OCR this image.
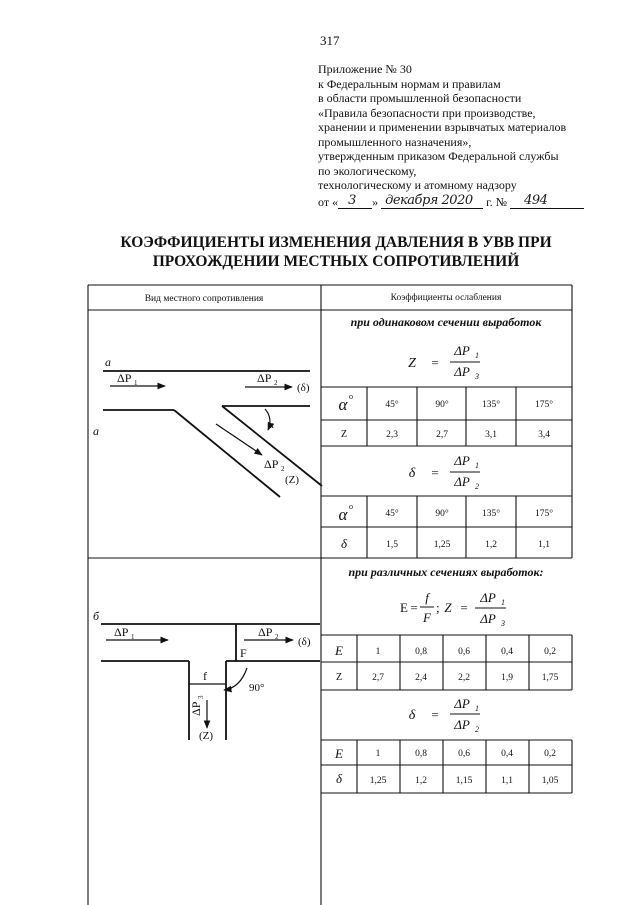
317
Приложение № 30
к Федеральным нормам и правилам
в области промышленной безопасности
«Правила безопасности при производстве,
хранении и применении взрывчатых материалов
промышленного назначения»,
утвержденным приказом Федеральной службы
по экологическому,
технологическому и атомному надзору
от « 3 » декабря 2020 г. № 494
КОЭФФИЦИЕНТЫ ИЗМЕНЕНИЯ ДАВЛЕНИЯ В УВВ ПРИ
ПРОХОЖДЕНИИ МЕСТНЫХ СОПРОТИВЛЕНИЙ
Вид местного сопротивления	Коэффициенты ослабления
при одинаковом сечении выработок
Z =
ΔP 1
ΔP 3
α o
45°	90°	135°	175°
Z	2,3	2,7	3,1	3,4
δ =
ΔP 1
ΔP 2
α o
45°	90°	135°	175°
δ	1,5	1,25	1,2	1,1
а
а
ΔP 1	ΔP 2 (δ)
α
ΔP 2
(Z)
при различных сечениях выработок:
E =
f
F
; Z =
ΔP 1
ΔP 3
E	1	0,8	0,6	0,4	0,2
Z	2,7	2,4	2,2	1,9	1,75
δ =
ΔP 1
ΔP 2
E	1	0,8	0,6	0,4	0,2
δ	1,25	1,2	1,15	1,1	1,05
б
ΔP 1	ΔP 2 (δ)
F
f
90°
ΔP
3
(Z)
